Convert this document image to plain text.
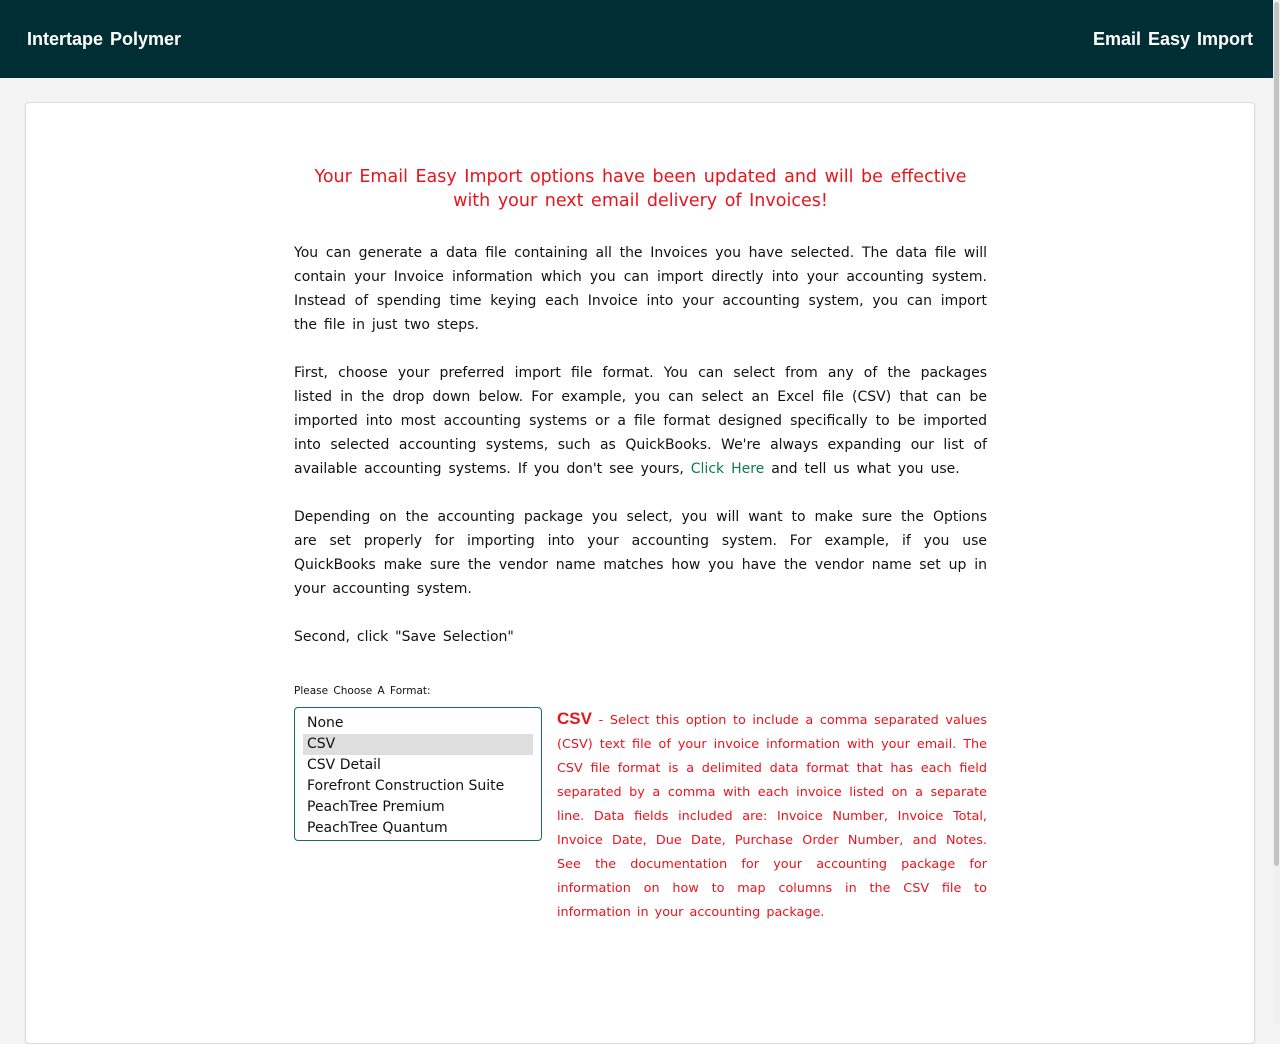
Intertape Polymer	Email Easy Import

Your Email Easy Import options have been updated and will be effective with your next email delivery of Invoices!

You can generate a data file containing all the Invoices you have selected. The data file will contain your Invoice information which you can import directly into your accounting system. Instead of spending time keying each Invoice into your accounting system, you can import the file in just two steps.

First, choose your preferred import file format. You can select from any of the packages listed in the drop down below. For example, you can select an Excel file (CSV) that can be imported into most accounting systems or a file format designed specifically to be imported into selected accounting systems, such as QuickBooks. We're always expanding our list of available accounting systems. If you don't see yours, Click Here and tell us what you use.

Depending on the accounting package you select, you will want to make sure the Options are set properly for importing into your accounting system. For example, if you use QuickBooks make sure the vendor name matches how you have the vendor name set up in your accounting system.

Second, click "Save Selection"

Please Choose A Format:
None
CSV
CSV Detail
Forefront Construction Suite
PeachTree Premium
PeachTree Quantum
CSV - Select this option to include a comma separated values (CSV) text file of your invoice information with your email. The CSV file format is a delimited data format that has each field separated by a comma with each invoice listed on a separate line. Data fields included are: Invoice Number, Invoice Total, Invoice Date, Due Date, Purchase Order Number, and Notes. See the documentation for your accounting package for information on how to map columns in the CSV file to information in your accounting package.
